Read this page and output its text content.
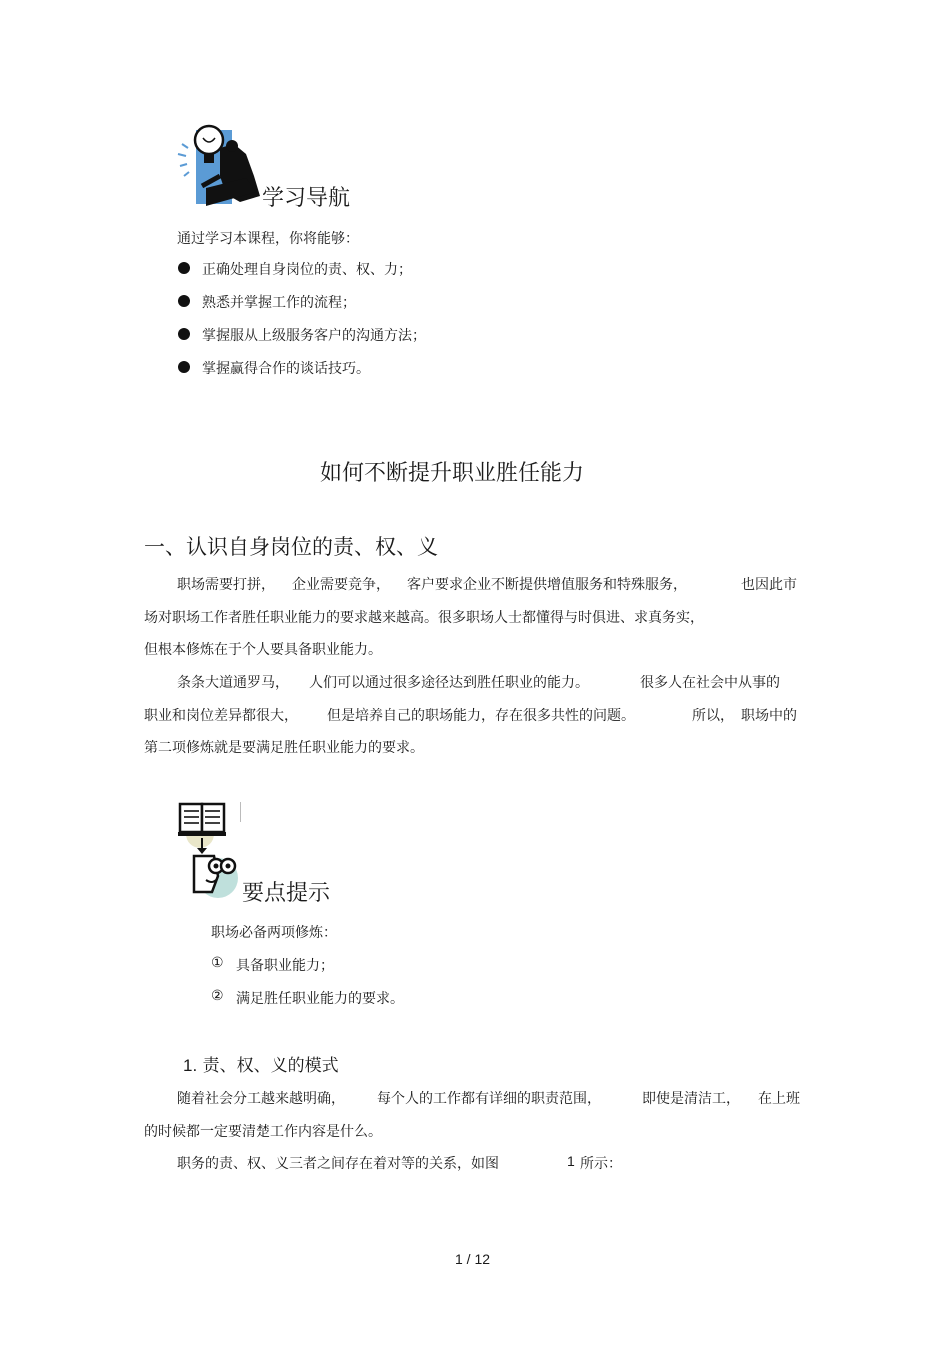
学习导航
通过学习本课程，你将能够：
正确处理自身岗位的责、权、力；
熟悉并掌握工作的流程；
掌握服从上级服务客户的沟通方法；
掌握赢得合作的谈话技巧。
如何不断提升职业胜任能力
一、认识自身岗位的责、权、义
职场需要打拼， 企业需要竞争， 客户要求企业不断提供增值服务和特殊服务，	也因此市
场对职场工作者胜任职业能力的要求越来越高。很多职场人士都懂得与时俱进、求真务实，
但根本修炼在于个人要具备职业能力。
条条大道通罗马， 人们可以通过很多途径达到胜任职业的能力。	很多人在社会中从事的
职业和岗位差异都很大， 但是培养自己的职场能力，存在很多共性的问题。	所以， 职场中的
第二项修炼就是要满足胜任职业能力的要求。
要点提示
职场必备两项修炼：
① 具备职业能力；
② 满足胜任职业能力的要求。
1. 责、权、义的模式
随着社会分工越来越明确， 每个人的工作都有详细的职责范围，	即使是清洁工， 在上班
的时候都一定要清楚工作内容是什么。
职务的责、权、义三者之间存在着对等的关系，如图	1 所示：
1 / 12
